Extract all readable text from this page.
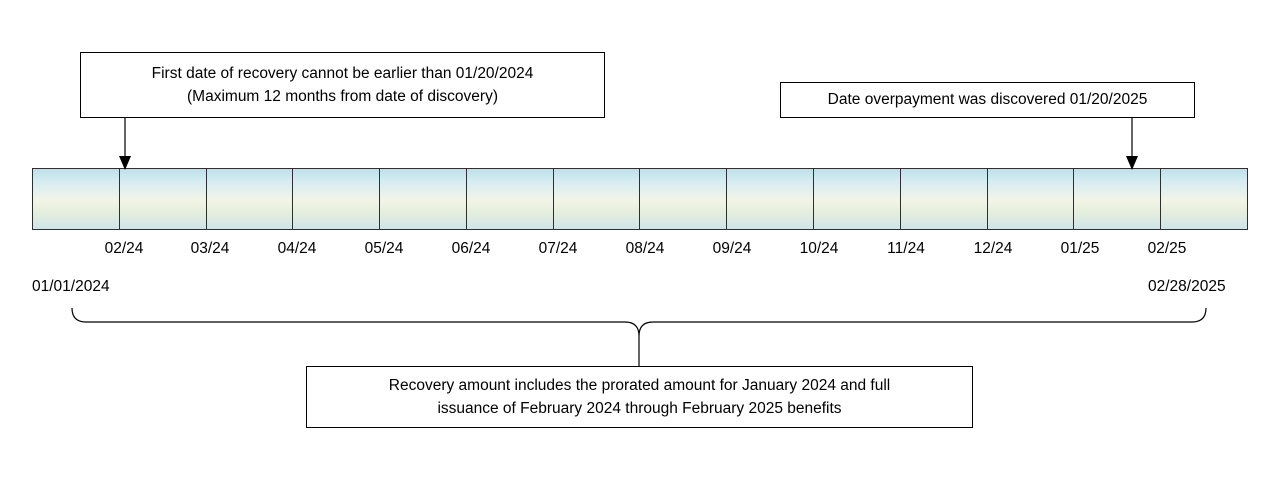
First date of recovery cannot be earlier than 01/20/2024
(Maximum 12 months from date of discovery)	Date overpayment was discovered 01/20/2025
Recovery amount includes the prorated amount for January 2024 and full
issuance of February 2024 through February 2025 benefits
02/24	03/24	04/24	05/24	06/24	07/24	08/24	09/24	10/24	11/24	12/24	01/25	02/25
01/01/2024	02/28/2025
